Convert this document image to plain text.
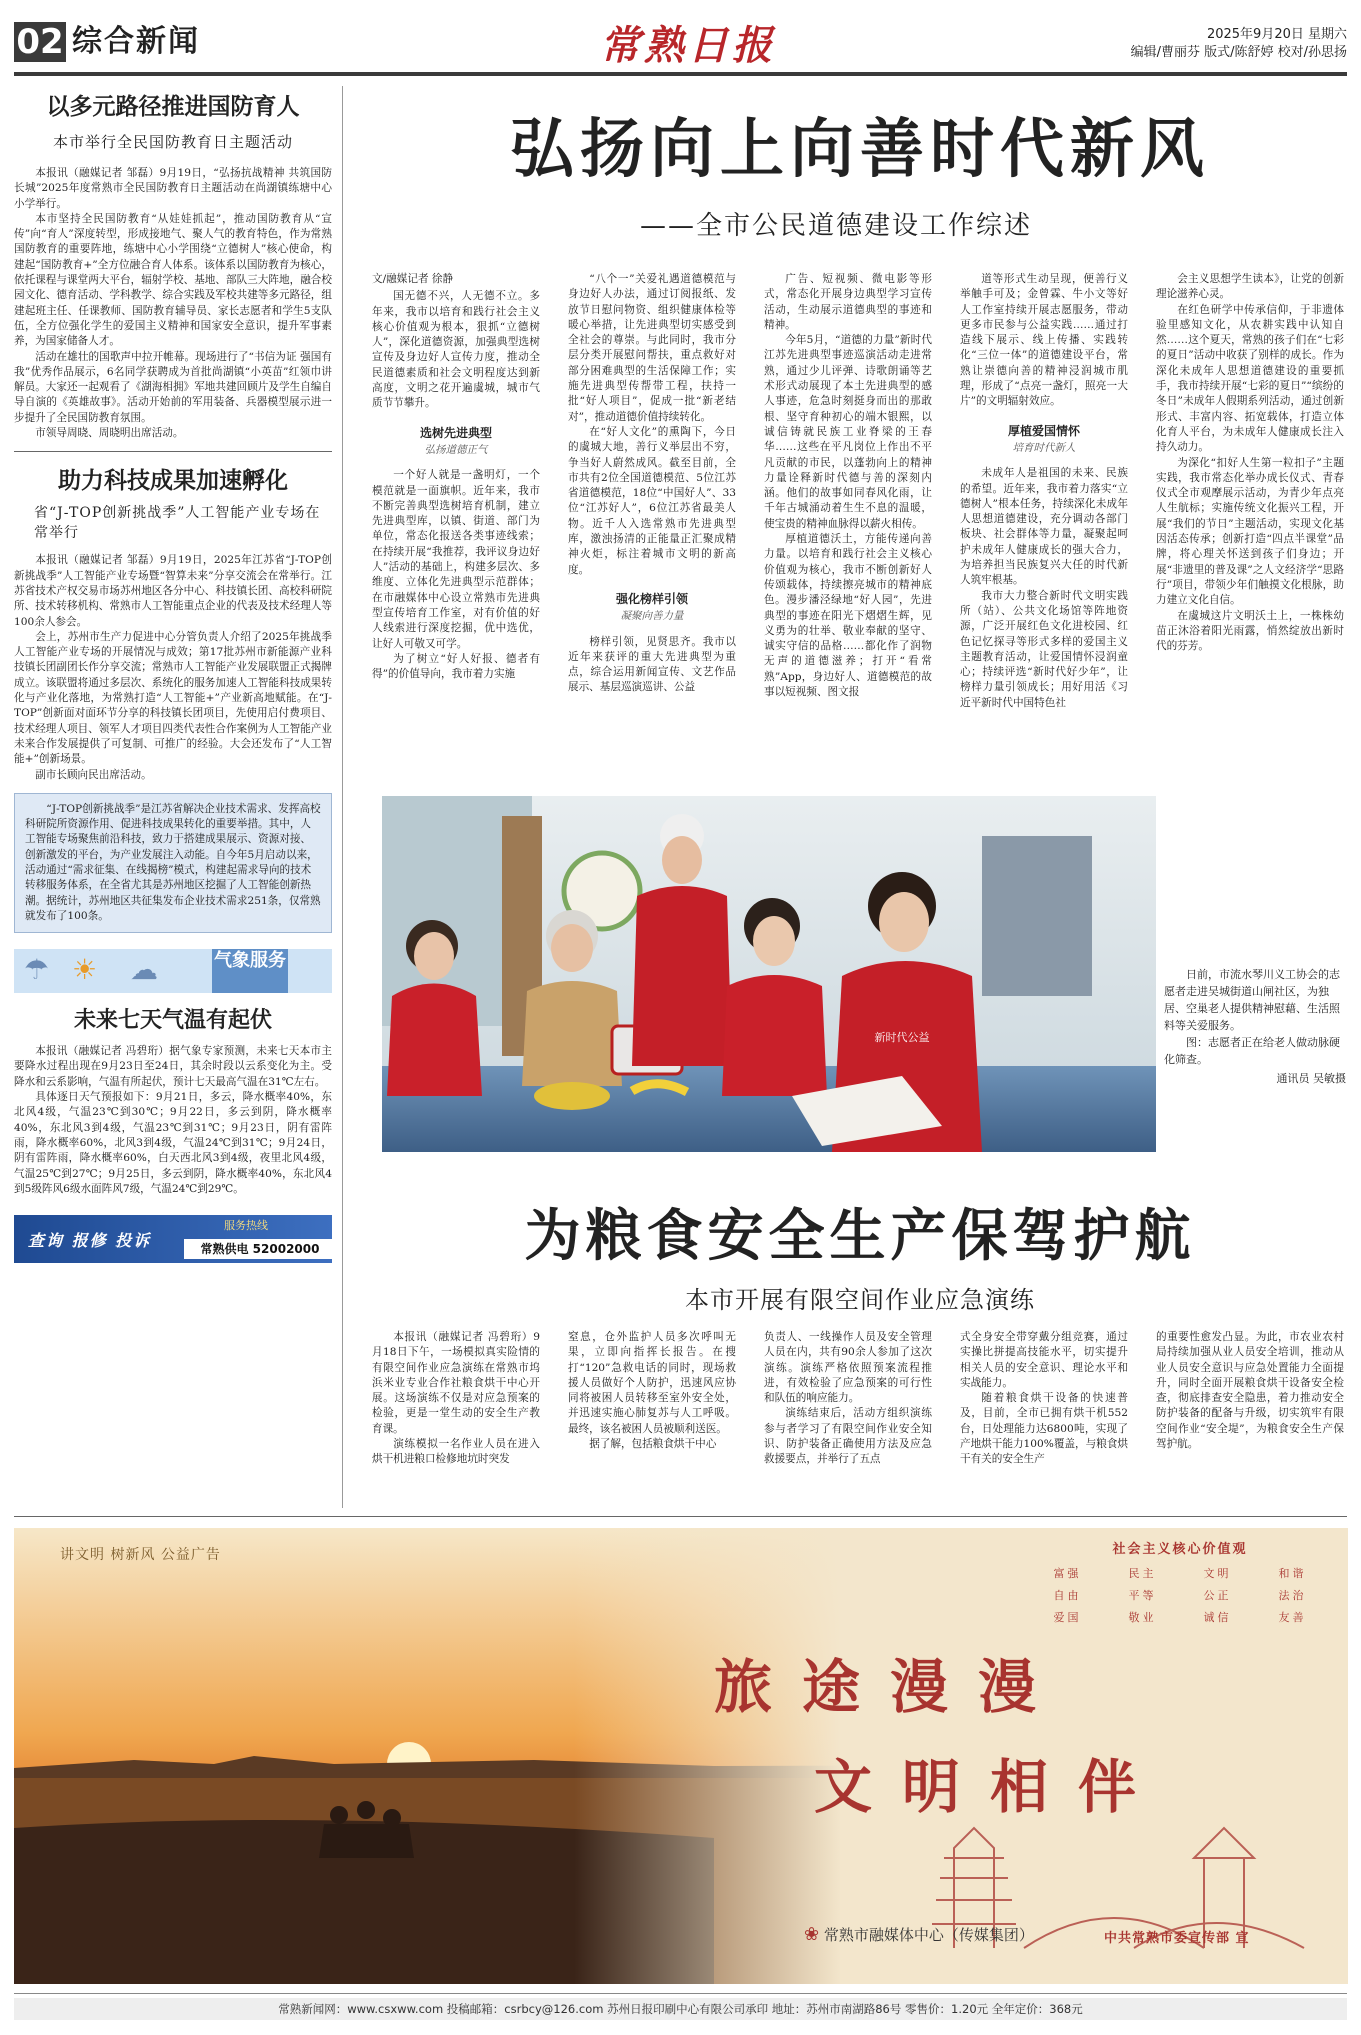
02 综合新闻	常熟日报	2025年9月20日 星期六
编辑/曹丽芬 版式/陈舒婷 校对/孙思扬
以多元路径推进国防育人
本市举行全民国防教育日主题活动

本报讯（融媒记者 邹磊）9月19日，“弘扬抗战精神 共筑国防长城”2025年度常熟市全民国防教育日主题活动在尚湖镇练塘中心小学举行。

本市坚持全民国防教育“从娃娃抓起”，推动国防教育从“宣传”向“育人”深度转型，形成接地气、聚人气的教育特色，作为常熟国防教育的重要阵地，练塘中心小学围绕“立德树人”核心使命，构建起“国防教育+”全方位融合育人体系。该体系以国防教育为核心，依托课程与课堂两大平台，辐射学校、基地、部队三大阵地，融合校园文化、德育活动、学科教学、综合实践及军校共建等多元路径，组建起班主任、任课教师、国防教育辅导员、家长志愿者和学生5支队伍，全方位强化学生的爱国主义精神和国家安全意识，提升军事素养，为国家储备人才。

活动在雄壮的国歌声中拉开帷幕。现场进行了“书信为证 强国有我”优秀作品展示，6名同学获聘成为首批尚湖镇“小英苗”红领巾讲解员。大家还一起观看了《湖海相拥》军地共建回顾片及学生自编自导自演的《英雄故事》。活动开始前的军用装备、兵器模型展示进一步提升了全民国防教育氛围。

市领导周晓、周晓明出席活动。

助力科技成果加速孵化
省“J-TOP创新挑战季”人工智能产业专场在常举行

本报讯（融媒记者 邹磊）9月19日，2025年江苏省“J-TOP创新挑战季”人工智能产业专场暨“智算未来”分享交流会在常举行。江苏省技术产权交易市场苏州地区各分中心、科技镇长团、高校科研院所、技术转移机构、常熟市人工智能重点企业的代表及技术经理人等100余人参会。

会上，苏州市生产力促进中心分管负责人介绍了2025年挑战季人工智能产业专场的开展情况与成效；第17批苏州市新能源产业科技镇长团副团长作分享交流；常熟市人工智能产业发展联盟正式揭牌成立。该联盟将通过多层次、系统化的服务加速人工智能科技成果转化与产业化落地，为常熟打造“人工智能+”产业新高地赋能。在“J-TOP”创新面对面环节分享的科技镇长团项目，先使用启付费项目、技术经理人项目、领军人才项目四类代表性合作案例为人工智能产业未来合作发展提供了可复制、可推广的经验。大会还发布了“人工智能+”创新场景。

副市长顾向民出席活动。

“J-TOP创新挑战季”是江苏省解决企业技术需求、发挥高校科研院所资源作用、促进科技成果转化的重要举措。其中，人工智能专场聚焦前沿科技，致力于搭建成果展示、资源对接、创新激发的平台，为产业发展注入动能。自今年5月启动以来，活动通过“需求征集、在线揭榜”模式，构建起需求导向的技术转移服务体系，在全省尤其是苏州地区挖掘了人工智能创新热潮。据统计，苏州地区共征集发布企业技术需求251条，仅常熟就发布了100条。
☂ ☀ ☁	气象服务
未来七天气温有起伏

本报讯（融媒记者 冯碧珩）据气象专家预测，未来七天本市主要降水过程出现在9月23日至24日，其余时段以云系变化为主。受降水和云系影响，气温有所起伏，预计七天最高气温在31℃左右。

具体逐日天气预报如下：9月21日，多云，降水概率40%，东北风4级，气温23℃到30℃；9月22日，多云到阴，降水概率40%，东北风3到4级，气温23℃到31℃；9月23日，阴有雷阵雨，降水概率60%，北风3到4级，气温24℃到31℃；9月24日，阴有雷阵雨，降水概率60%，白天西北风3到4级，夜里北风4级，气温25℃到27℃；9月25日，多云到阴，降水概率40%，东北风4到5级阵风6级水面阵风7级，气温24℃到29℃。

查询 报修 投诉
服务热线
常熟供电 52002000
弘扬向上向善时代新风
——全市公民道德建设工作综述

文/融媒记者 徐静

国无德不兴，人无德不立。多年来，我市以培育和践行社会主义核心价值观为根本，狠抓“立德树人”，深化道德资源，加强典型选树宣传及身边好人宣传力度，推动全民道德素质和社会文明程度达到新高度，文明之花开遍虞城，城市气质节节攀升。

选树先进典型

弘扬道德正气

一个好人就是一盏明灯，一个模范就是一面旗帜。近年来，我市不断完善典型选树培育机制，建立先进典型库，以镇、街道、部门为单位，常态化报送各类事迹线索；在持续开展“我推荐，我评议身边好人”活动的基础上，构建多层次、多维度、立体化先进典型示范群体；在市融媒体中心设立常熟市先进典型宣传培育工作室，对有价值的好人线索进行深度挖掘，优中选优，让好人可敬又可学。

为了树立“好人好报、德者有得”的价值导向，我市着力实施

“八个一”关爱礼遇道德模范与身边好人办法，通过订阅报纸、发放节日慰问物资、组织健康体检等暖心举措，让先进典型切实感受到全社会的尊崇。与此同时，我市分层分类开展慰问帮扶，重点救好对部分困难典型的生活保障工作；实施先进典型传帮带工程，扶持一批“好人项目”，促成一批“新老结对”，推动道德价值持续转化。

在“好人文化”的熏陶下，今日的虞城大地，善行义举层出不穷，争当好人蔚然成风。截至目前，全市共有2位全国道德模范、5位江苏省道德模范，18位“中国好人”、33位“江苏好人”，6位江苏省最美人物。近千人入选常熟市先进典型库，激浊扬清的正能量正汇聚成精神火炬，标注着城市文明的新高度。

强化榜样引领

凝聚向善力量

榜样引领，见贤思齐。我市以近年来获评的重大先进典型为重点，综合运用新闻宣传、文艺作品展示、基层巡演巡讲、公益

广告、短视频、微电影等形式，常态化开展身边典型学习宣传活动，生动展示道德典型的事迹和精神。

今年5月，“道德的力量”新时代江苏先进典型事迹巡演活动走进常熟，通过少儿评弹、诗歌朗诵等艺术形式动展现了本土先进典型的感人事迹，危急时刻挺身而出的那敢根、坚守育种初心的端木银熙，以诚信铸就民族工业脊梁的王春华……这些在平凡岗位上作出不平凡贡献的市民，以蓬勃向上的精神力量诠释新时代德与善的深刻内涵。他们的故事如同春风化雨，让千年古城涌动着生生不息的温暖，使宝贵的精神血脉得以薪火相传。

厚植道德沃土，方能传递向善力量。以培育和践行社会主义核心价值观为核心，我市不断创新好人传颂载体，持续擦亮城市的精神底色。漫步潘泾绿地“好人园”，先进典型的事迹在阳光下熠熠生辉，见义勇为的壮举、敬业奉献的坚守、诚实守信的品格……都化作了润物无声的道德滋养；打开“看常熟”App，身边好人、道德模范的故事以短视频、图文报

道等形式生动呈现，便善行义举触手可及；金曾霖、牛小文等好人工作室持续开展志愿服务，带动更多市民参与公益实践……通过打造线下展示、线上传播、实践转化“三位一体”的道德建设平台，常熟让崇德向善的精神浸润城市肌理，形成了“点亮一盏灯，照亮一大片”的文明辐射效应。

厚植爱国情怀

培育时代新人

未成年人是祖国的未来、民族的希望。近年来，我市着力落实“立德树人”根本任务，持续深化未成年人思想道德建设，充分调动各部门板块、社会群体等力量，凝聚起呵护未成年人健康成长的强大合力，为培养担当民族复兴大任的时代新人筑牢根基。

我市大力整合新时代文明实践所（站）、公共文化场馆等阵地资源，广泛开展红色文化进校园、红色记忆探寻等形式多样的爱国主义主题教育活动，让爱国情怀浸润童心；持续评选“新时代好少年”，让榜样力量引领成长；用好用活《习近平新时代中国特色社

会主义思想学生读本》，让党的创新理论滋养心灵。

在红色研学中传承信仰，于非遗体验里感知文化，从农耕实践中认知自然……这个夏天，常熟的孩子们在“七彩的夏日”活动中收获了别样的成长。作为深化未成年人思想道德建设的重要抓手，我市持续开展“七彩的夏日”“缤纷的冬日”未成年人假期系列活动，通过创新形式、丰富内容、拓宽载体，打造立体化育人平台，为未成年人健康成长注入持久动力。

为深化“扣好人生第一粒扣子”主题实践，我市常态化举办成长仪式、青春仪式全市观摩展示活动，为青少年点亮人生航标；实施传统文化振兴工程，开展“我们的节日”主题活动，实现文化基因活态传承；创新打造“四点半课堂”品牌，将心理关怀送到孩子们身边；开展“非遗里的普及课”之人文经济学“思路行”项目，带领少年们触摸文化根脉，助力建立文化自信。

在虞城这片文明沃土上，一株株幼苗正沐浴着阳光雨露，悄然绽放出新时代的芬芳。

新时代公益

日前，市流水琴川义工协会的志愿者走进吴城街道山闸社区，为独居、空巢老人提供精神慰藉、生活照料等关爱服务。

图：志愿者正在给老人做动脉硬化筛查。

通讯员 吴敏摄

为粮食安全生产保驾护航
本市开展有限空间作业应急演练

本报讯（融媒记者 冯碧珩）9月18日下午，一场模拟真实险情的有限空间作业应急演练在常熟市坞浜米业专业合作社粮食烘干中心开展。这场演练不仅是对应急预案的检验，更是一堂生动的安全生产教育课。

演练模拟一名作业人员在进入烘干机进粮口检修地坑时突发

窒息，仓外监护人员多次呼叫无果，立即向指挥长报告。在搜打“120”急救电话的同时，现场救援人员做好个人防护，迅速风应协同将被困人员转移至室外安全处，并迅速实施心肺复苏与人工呼吸。最终，该名被困人员被顺利送医。

据了解，包括粮食烘干中心

负责人、一线操作人员及安全管理人员在内，共有90余人参加了这次演练。演练严格依照预案流程推进，有效检验了应急预案的可行性和队伍的响应能力。

演练结束后，活动方组织演练参与者学习了有限空间作业安全知识、防护装备正确使用方法及应急救援要点，并举行了五点

式全身安全带穿戴分组竞赛，通过实操比拼提高技能水平，切实提升相关人员的安全意识、理论水平和实战能力。

随着粮食烘干设备的快速普及，目前，全市已拥有烘干机552台，日处理能力达6800吨，实现了产地烘干能力100%覆盖，与粮食烘干有关的安全生产

的重要性愈发凸显。为此，市农业农村局持续加强从业人员安全培训，推动从业人员安全意识与应急处置能力全面提升，同时全面开展粮食烘干设备安全检查，彻底排查安全隐患，着力推动安全防护装备的配备与升级，切实筑牢有限空间作业“安全堤”，为粮食安全生产保驾护航。

讲文明 树新风 公益广告	社会主义核心价值观
富强	民主	文明	和谐
自由	平等	公正	法治
爱国	敬业	诚信	友善
旅途漫漫
文明相伴
❀ 常熟市融媒体中心（传媒集团）	中共常熟市委宣传部 宣
常熟新闻网：www.csxww.com 投稿邮箱：csrbcy@126.com 苏州日报印刷中心有限公司承印 地址：苏州市南湖路86号 零售价：1.20元 全年定价：368元
